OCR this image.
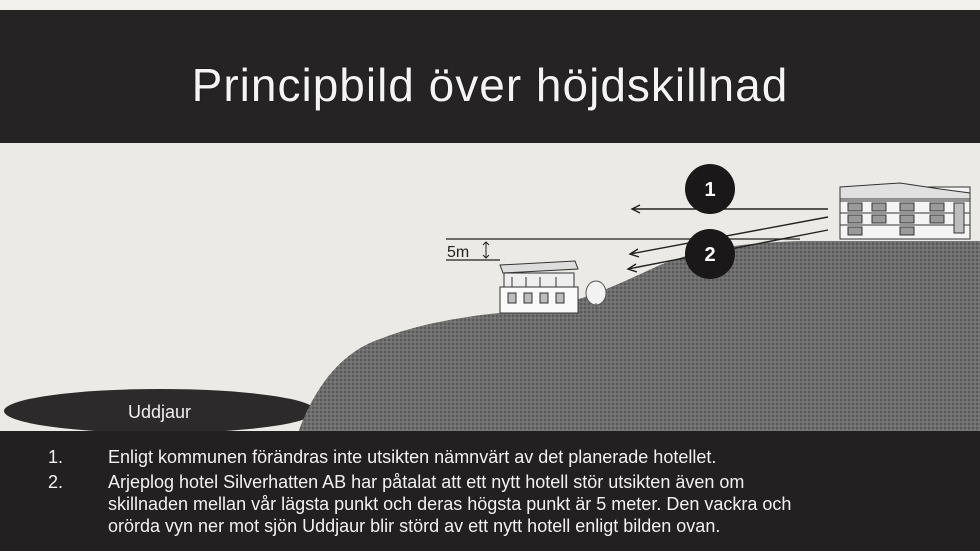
Principbild över höjdskillnad
Uddjaur
5m
1
2
1. Enligt kommunen förändras inte utsikten nämnvärt av det planerade hotellet.
2. Arjeplog hotel Silverhatten AB har påtalat att ett nytt hotell stör utsikten även om
skillnaden mellan vår lägsta punkt och deras högsta punkt är 5 meter. Den vackra och
orörda vyn ner mot sjön Uddjaur blir störd av ett nytt hotell enligt bilden ovan.
